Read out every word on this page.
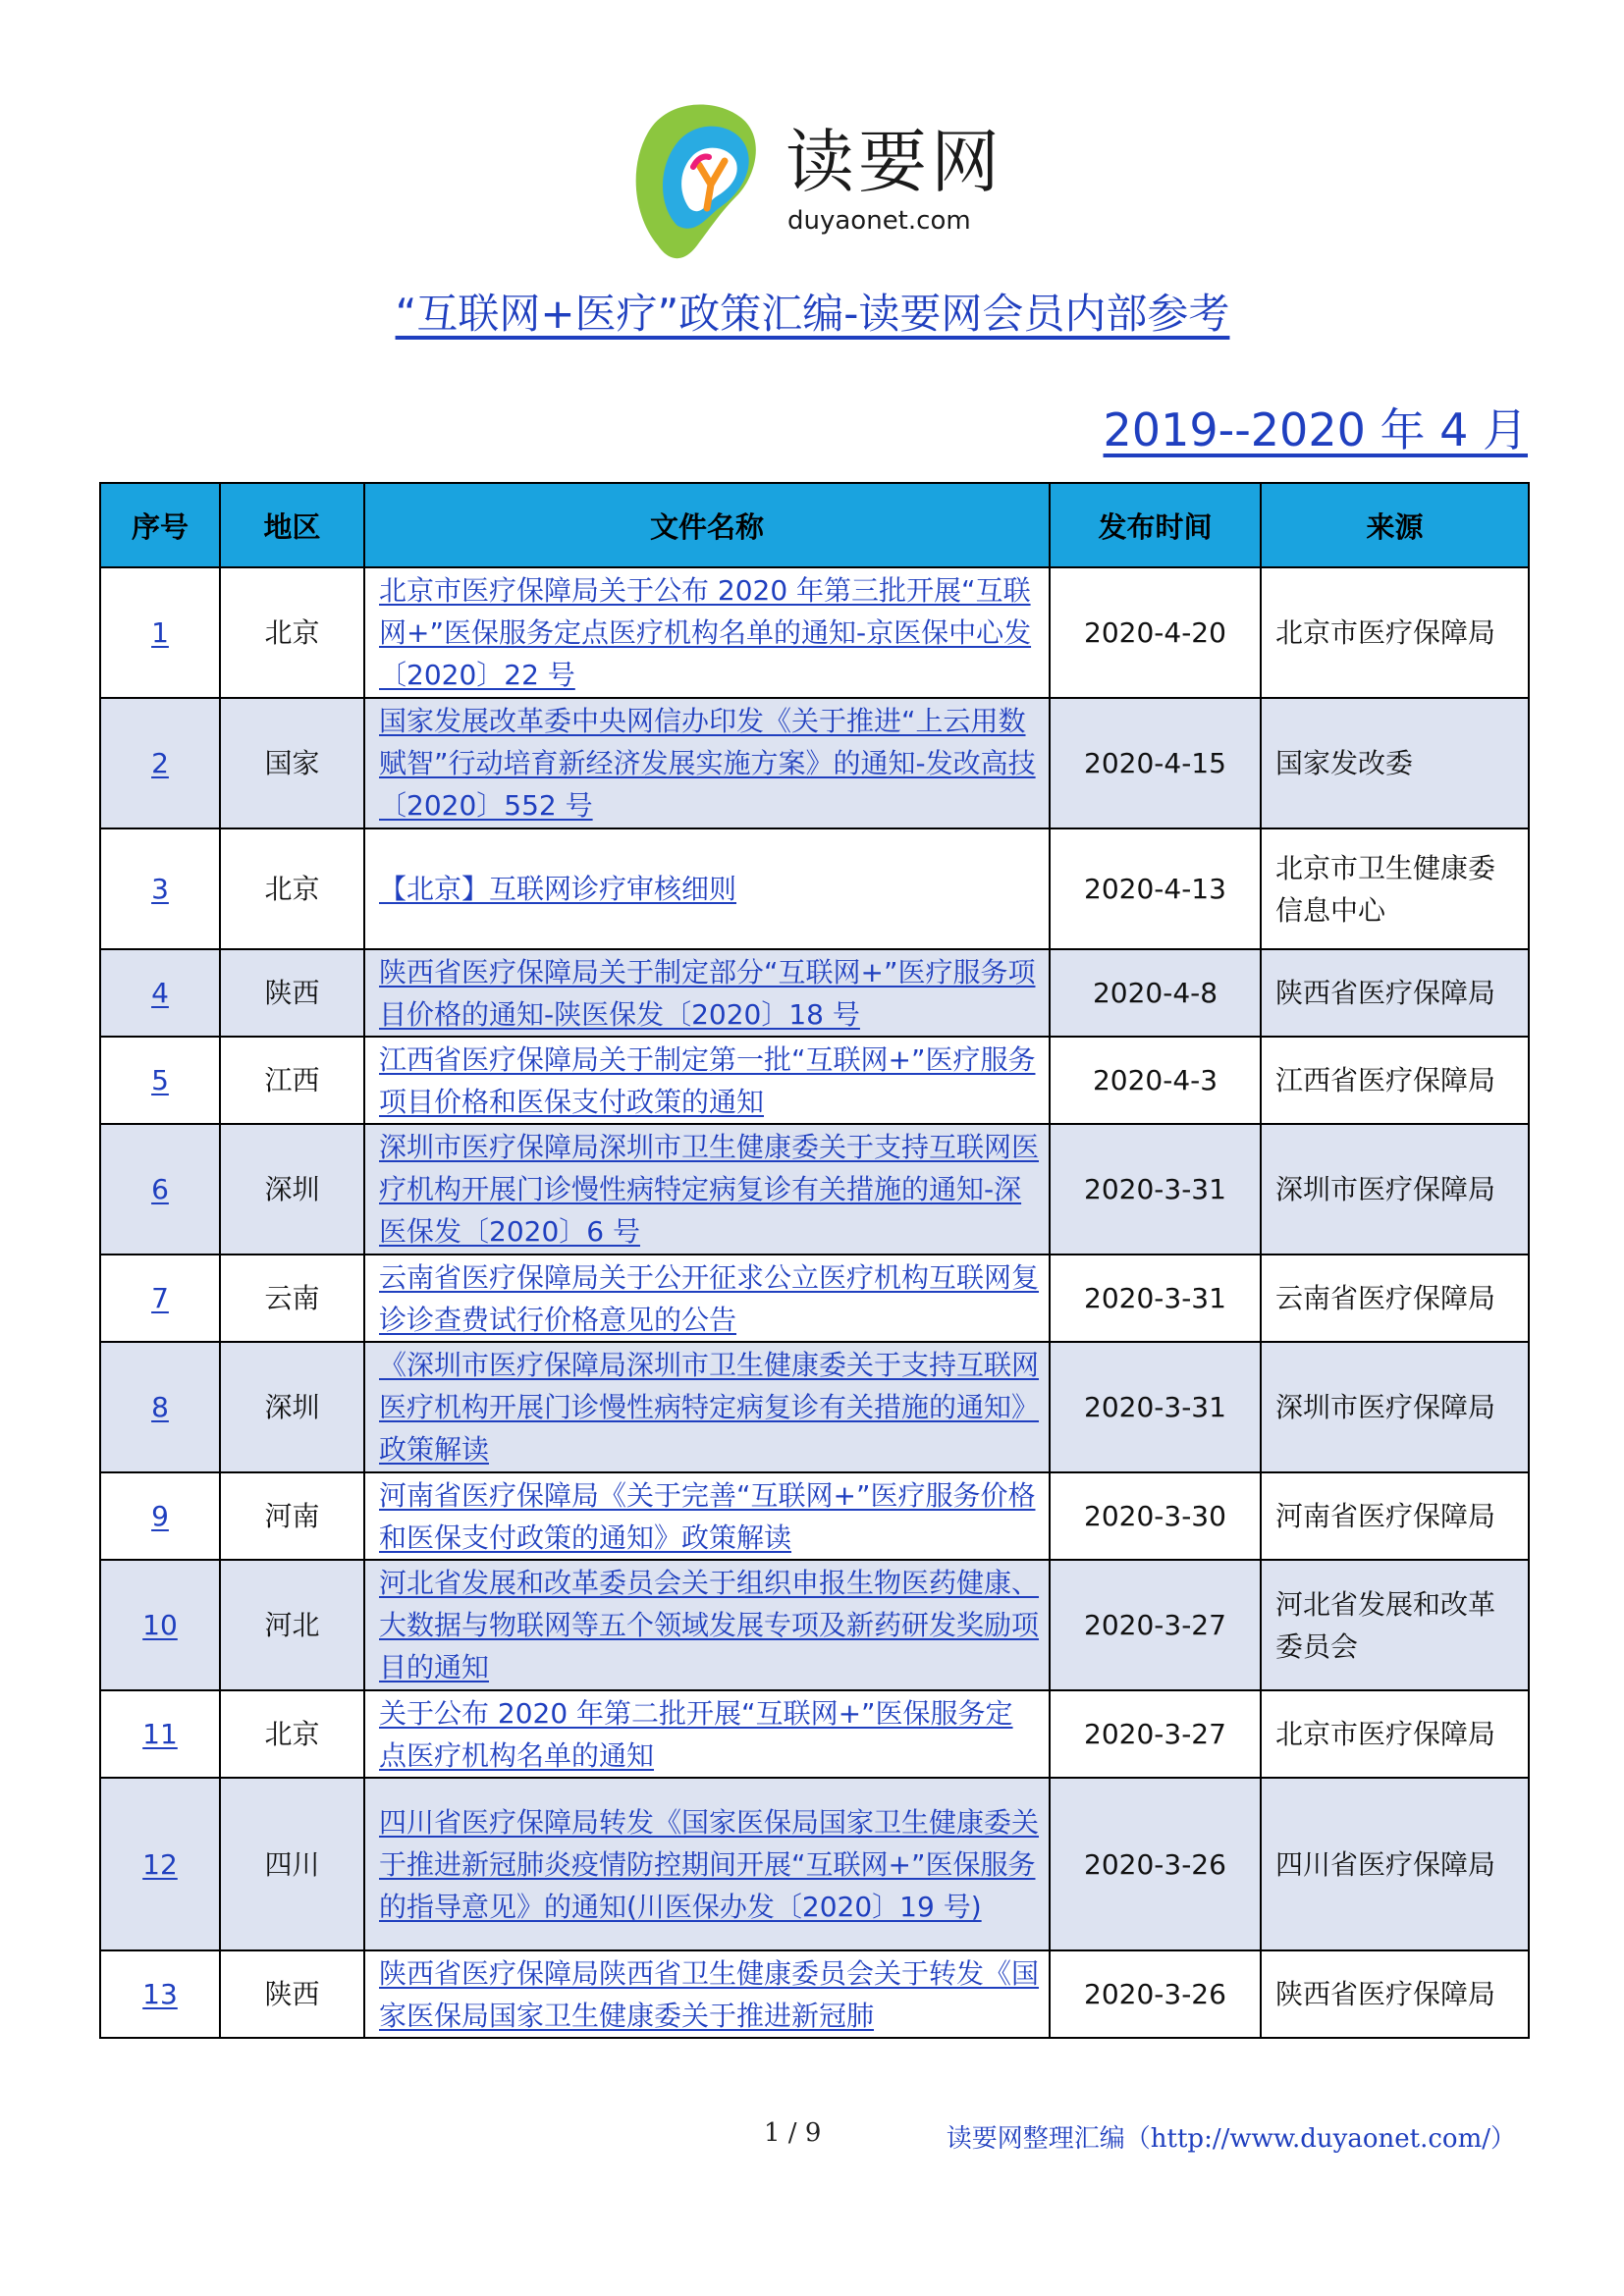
读要网
duyaonet.com
“互联网+医疗”政策汇编-读要网会员内部参考
2019--2020 年 4 月
序号	地区	文件名称	发布时间	来源
1	北京	北京市医疗保障局关于公布 2020 年第三批开展“互联网+”医保服务定点医疗机构名单的通知-京医保中心发〔2020〕22 号	2020-4-20	北京市医疗保障局
2	国家	国家发展改革委中央网信办印发《关于推进“上云用数赋智”行动培育新经济发展实施方案》的通知-发改高技〔2020〕552 号	2020-4-15	国家发改委
3	北京	【北京】互联网诊疗审核细则	2020-4-13	北京市卫生健康委信息中心
4	陕西	陕西省医疗保障局关于制定部分“互联网+”医疗服务项目价格的通知-陕医保发〔2020〕18 号	2020-4-8	陕西省医疗保障局
5	江西	江西省医疗保障局关于制定第一批“互联网+”医疗服务项目价格和医保支付政策的通知	2020-4-3	江西省医疗保障局
6	深圳	深圳市医疗保障局深圳市卫生健康委关于支持互联网医疗机构开展门诊慢性病特定病复诊有关措施的通知-深医保发〔2020〕6 号	2020-3-31	深圳市医疗保障局
7	云南	云南省医疗保障局关于公开征求公立医疗机构互联网复诊诊查费试行价格意见的公告	2020-3-31	云南省医疗保障局
8	深圳	《深圳市医疗保障局深圳市卫生健康委关于支持互联网医疗机构开展门诊慢性病特定病复诊有关措施的通知》政策解读	2020-3-31	深圳市医疗保障局
9	河南	河南省医疗保障局《关于完善“互联网+”医疗服务价格和医保支付政策的通知》政策解读	2020-3-30	河南省医疗保障局
10	河北	河北省发展和改革委员会关于组织申报生物医药健康、大数据与物联网等五个领域发展专项及新药研发奖励项目的通知	2020-3-27	河北省发展和改革委员会
11	北京	关于公布 2020 年第二批开展“互联网+”医保服务定点医疗机构名单的通知	2020-3-27	北京市医疗保障局
12	四川	四川省医疗保障局转发《国家医保局国家卫生健康委关于推进新冠肺炎疫情防控期间开展“互联网+”医保服务的指导意见》的通知(川医保办发〔2020〕19 号)	2020-3-26	四川省医疗保障局
13	陕西	陕西省医疗保障局陕西省卫生健康委员会关于转发《国家医保局国家卫生健康委关于推进新冠肺	2020-3-26	陕西省医疗保障局
1 / 9	读要网整理汇编（http://www.duyaonet.com/）
